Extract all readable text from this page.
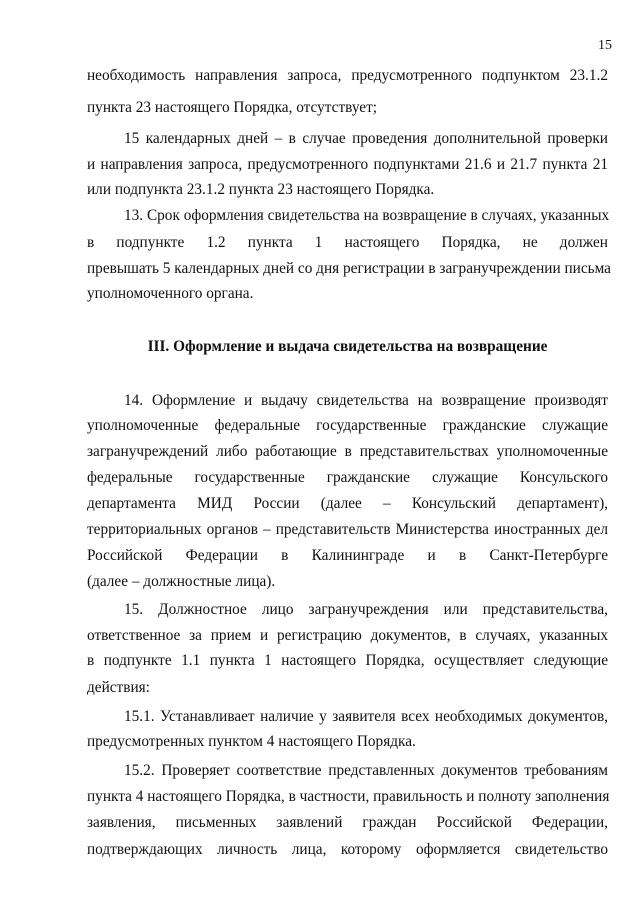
15
необходимость направления запроса, предусмотренного подпунктом 23.1.2
пункта 23 настоящего Порядка, отсутствует;
15 календарных дней – в случае проведения дополнительной проверки
и направления запроса, предусмотренного подпунктами 21.6 и 21.7 пункта 21
или подпункта 23.1.2 пункта 23 настоящего Порядка.
13. Срок оформления свидетельства на возвращение в случаях, указанных
в подпункте 1.2 пункта 1 настоящего Порядка, не должен
превышать 5 календарных дней со дня регистрации в загранучреждении письма
уполномоченного органа.
III. Оформление и выдача свидетельства на возвращение
14. Оформление и выдачу свидетельства на возвращение производят
уполномоченные федеральные государственные гражданские служащие
загранучреждений либо работающие в представительствах уполномоченные
федеральные государственные гражданские служащие Консульского
департамента МИД России (далее – Консульский департамент),
территориальных органов – представительств Министерства иностранных дел
Российской Федерации в Калининграде и в Санкт-Петербурге
(далее – должностные лица).
15. Должностное лицо загранучреждения или представительства,
ответственное за прием и регистрацию документов, в случаях, указанных
в подпункте 1.1 пункта 1 настоящего Порядка, осуществляет следующие
действия:
15.1. Устанавливает наличие у заявителя всех необходимых документов,
предусмотренных пунктом 4 настоящего Порядка.
15.2. Проверяет соответствие представленных документов требованиям
пункта 4 настоящего Порядка, в частности, правильность и полноту заполнения
заявления, письменных заявлений граждан Российской Федерации,
подтверждающих личность лица, которому оформляется свидетельство
